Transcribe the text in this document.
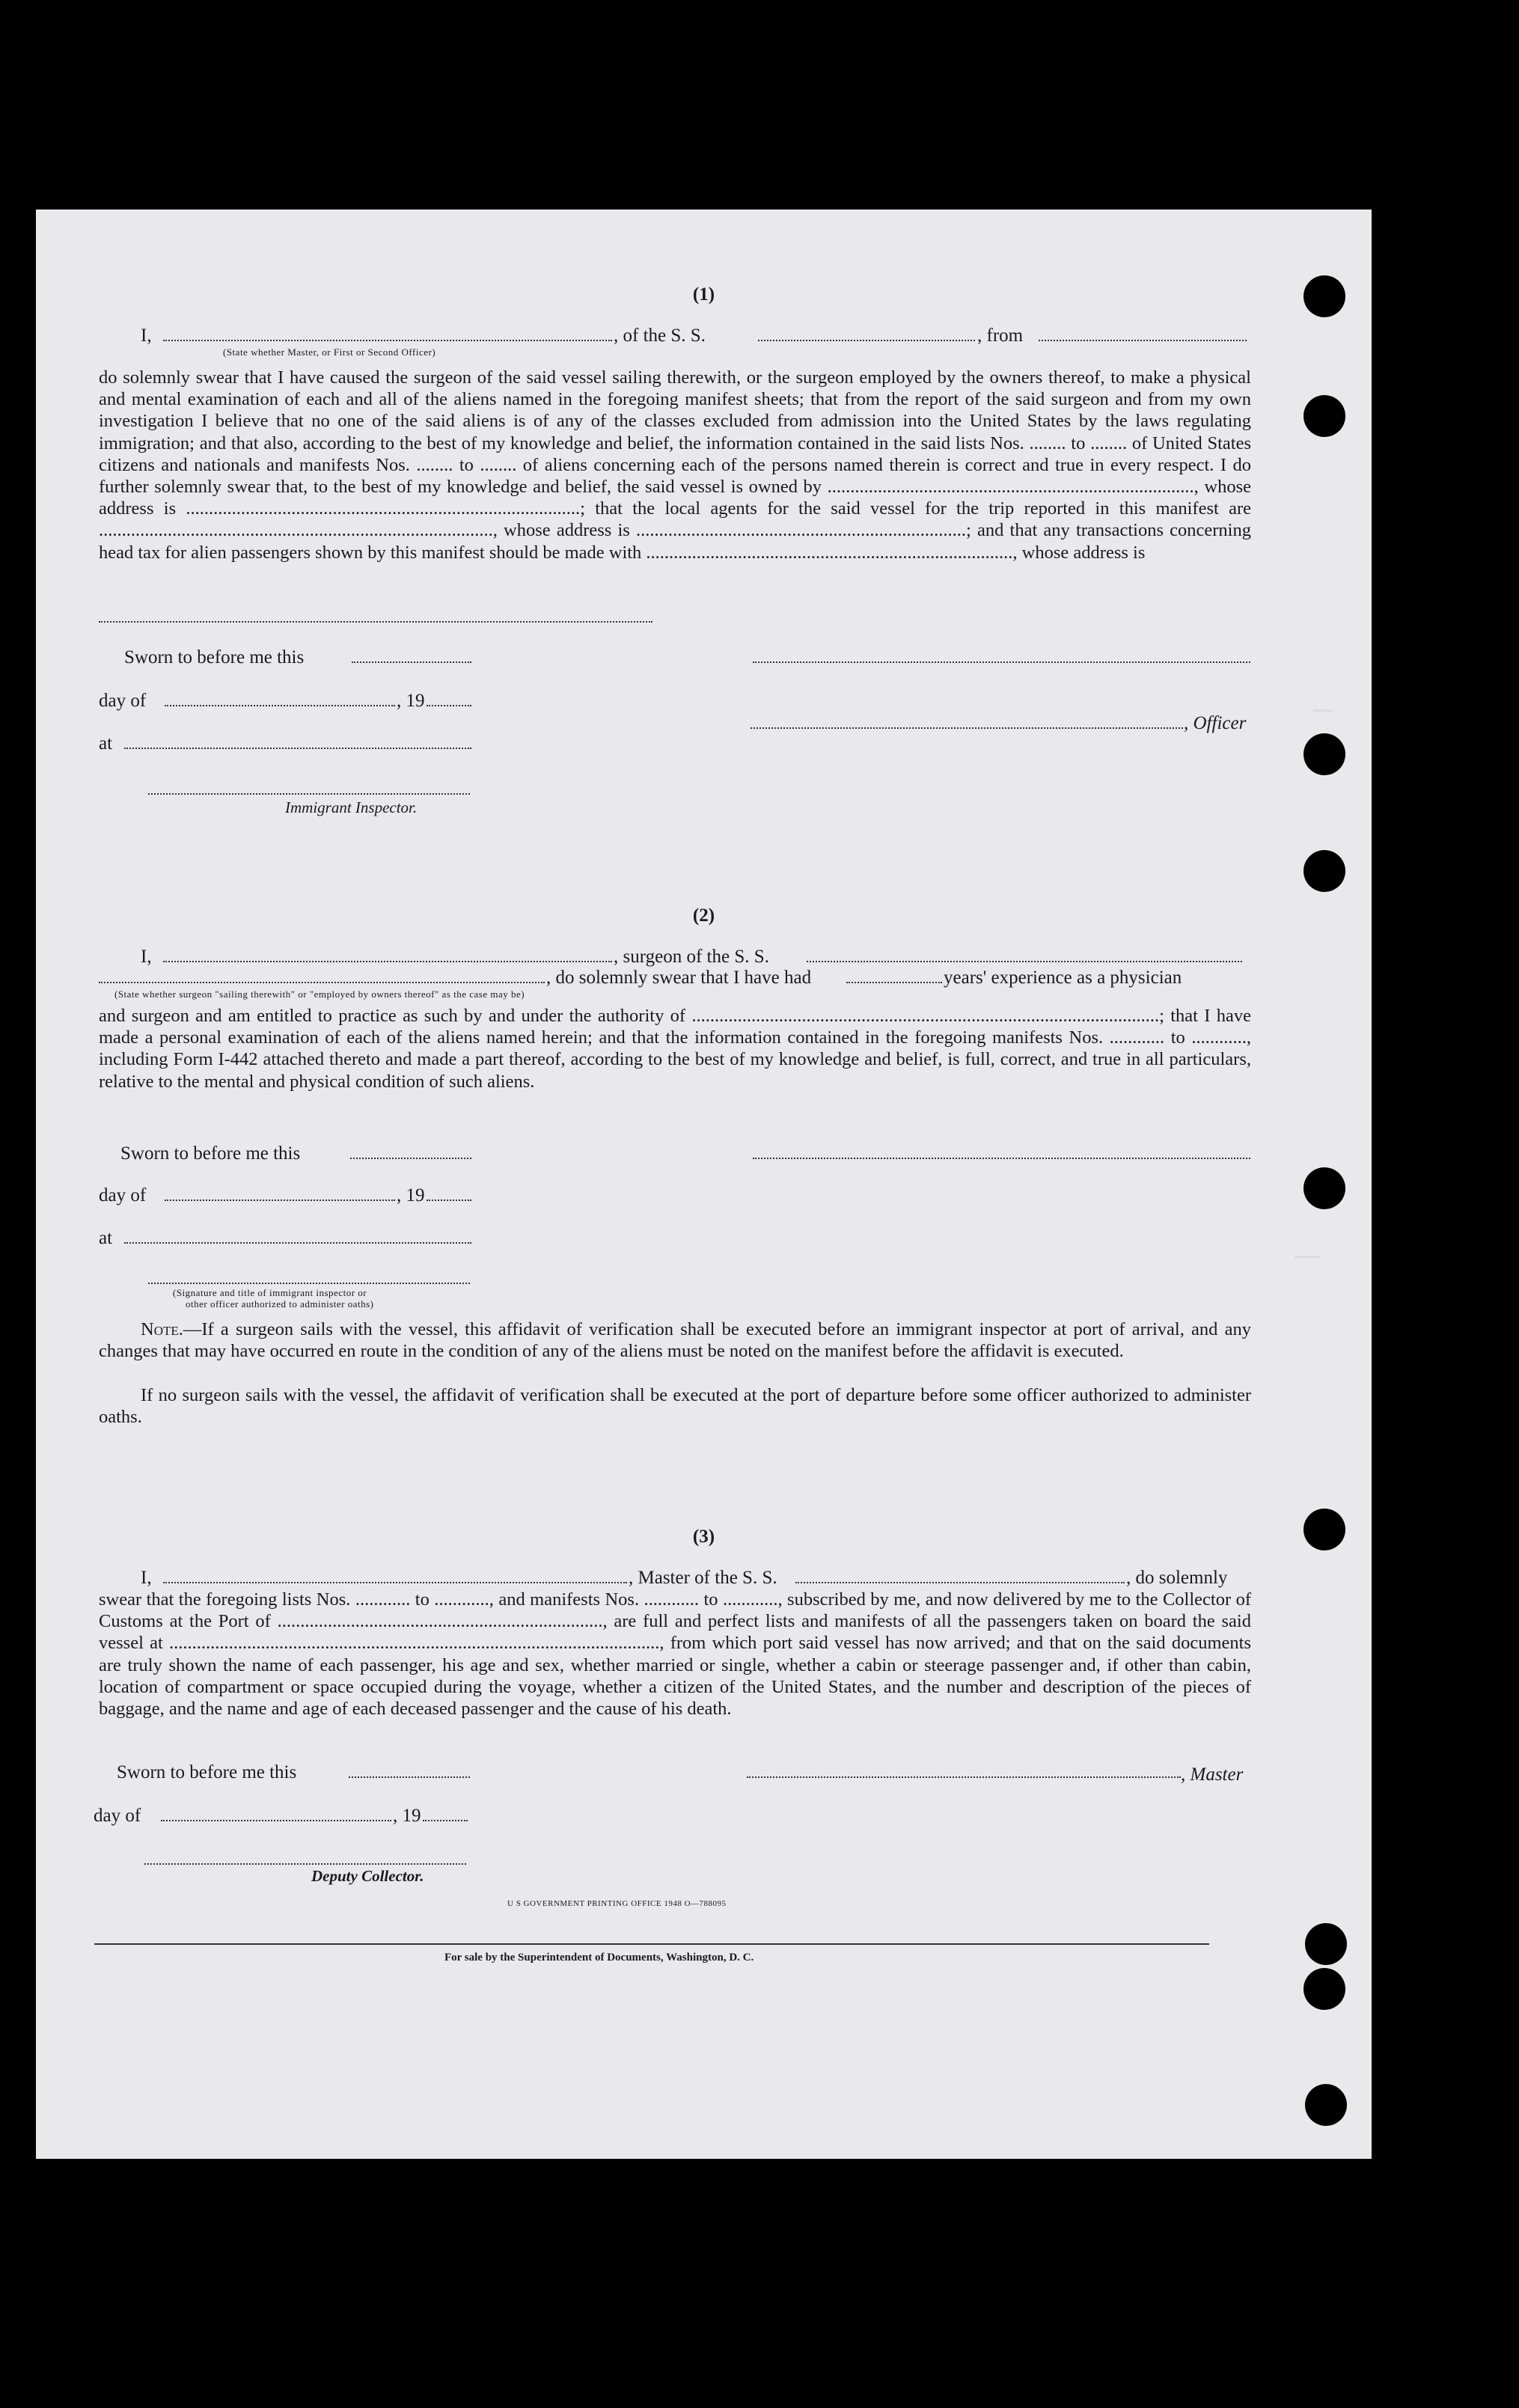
(1)
I,	, of the S. S.	, from
(State whether Master, or First or Second Officer)
do solemnly swear that I have caused the surgeon of the said vessel sailing therewith, or the surgeon employed by the owners thereof, to make a physical and mental examination of each and all of the aliens named in the foregoing manifest sheets; that from the report of the said surgeon and from my own investigation I believe that no one of the said aliens is of any of the classes excluded from admission into the United States by the laws regulating immigration; and that also, according to the best of my knowledge and belief, the information contained in the said lists Nos. ........ to ........ of United States citizens and nationals and manifests Nos. ........ to ........ of aliens concerning each of the persons named therein is correct and true in every respect. I do further solemnly swear that, to the best of my knowledge and belief, the said vessel is owned by ................................................................................, whose address is ......................................................................................; that the local agents for the said vessel for the trip reported in this manifest are ......................................................................................, whose address is ........................................................................; and that any transactions concerning head tax for alien passengers shown by this manifest should be made with ................................................................................, whose address is
Sworn to before me this
day of	, 19
, Officer
at
Immigrant Inspector.
(2)
I,	, surgeon of the S. S.
, do solemnly swear that I have had	years' experience as a physician
(State whether surgeon "sailing therewith" or "employed by owners thereof" as the case may be)
and surgeon and am entitled to practice as such by and under the authority of ......................................................................................................; that I have made a personal examination of each of the aliens named herein; and that the information contained in the foregoing manifests Nos. ............ to ............, including Form I-442 attached thereto and made a part thereof, according to the best of my knowledge and belief, is full, correct, and true in all particulars, relative to the mental and physical condition of such aliens.
Sworn to before me this
day of	, 19
at
(Signature and title of immigrant inspector or
other officer authorized to administer oaths)
Note.—If a surgeon sails with the vessel, this affidavit of verification shall be executed before an immigrant inspector at port of arrival, and any changes that may have occurred en route in the condition of any of the aliens must be noted on the manifest before the affidavit is executed.
If no surgeon sails with the vessel, the affidavit of verification shall be executed at the port of departure before some officer authorized to administer oaths.
(3)
I,	, Master of the S. S.	, do solemnly
swear that the foregoing lists Nos. ............ to ............, and manifests Nos. ............ to ............, subscribed by me, and now delivered by me to the Collector of Customs at the Port of ......................................................................., are full and perfect lists and manifests of all the passengers taken on board the said vessel at ..........................................................................................................., from which port said vessel has now arrived; and that on the said documents are truly shown the name of each passenger, his age and sex, whether married or single, whether a cabin or steerage passenger and, if other than cabin, location of compartment or space occupied during the voyage, whether a citizen of the United States, and the number and description of the pieces of baggage, and the name and age of each deceased passenger and the cause of his death.
Sworn to before me this	, Master
day of	, 19
Deputy Collector.
U S GOVERNMENT PRINTING OFFICE 1948 O—788095
For sale by the Superintendent of Documents, Washington, D. C.
